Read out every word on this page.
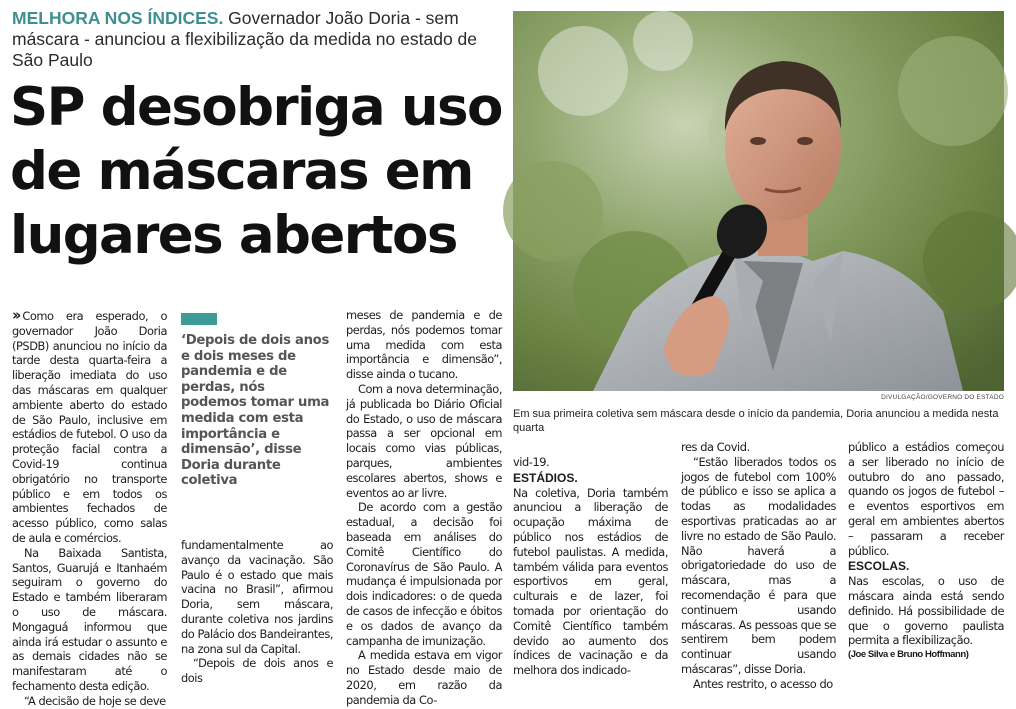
MELHORA NOS ÍNDICES. Governador João Doria - sem máscara - anunciou a flexibilização da medida no estado de São Paulo
SP desobriga uso de máscaras em lugares abertos
DIVULGAÇÃO/GOVERNO DO ESTADO
Em sua primeira coletiva sem máscara desde o início da pandemia, Doria anunciou a medida nesta quarta

›› Como era esperado, o governador João Doria (PSDB) anunciou no início da tarde desta quarta-feira a liberação imediata do uso das máscaras em qualquer ambiente aberto do estado de São Paulo, inclusive em estádios de futebol. O uso da proteção facial contra a Covid-19 continua obrigatório no transporte público e em todos os ambientes fechados de acesso público, como salas de aula e comércios.

Na Baixada Santista, Santos, Guarujá e Itanhaém seguiram o governo do Estado e também liberaram o uso de máscara. Mongaguá informou que ainda irá estudar o assunto e as demais cidades não se manifestaram até o fechamento desta edição.

“A decisão de hoje se deve

‘Depois de dois anos e dois meses de pandemia e de perdas, nós podemos tomar uma medida com esta importância e dimensão’, disse Doria durante coletiva

fundamentalmente ao avanço da vacinação. São Paulo é o estado que mais vacina no Brasil”, afirmou Doria, sem máscara, durante coletiva nos jardins do Palácio dos Bandeirantes, na zona sul da Capital.

“Depois de dois anos e dois

meses de pandemia e de perdas, nós podemos tomar uma medida com esta importância e dimensão”, disse ainda o tucano.

Com a nova determinação, já publicada bo Diário Oficial do Estado, o uso de máscara passa a ser opcional em locais como vias públicas, parques, ambientes escolares abertos, shows e eventos ao ar livre.

De acordo com a gestão estadual, a decisão foi baseada em análises do Comitê Científico do Coronavírus de São Paulo. A mudança é impulsionada por dois indicadores: o de queda de casos de infecção e óbitos e os dados de avanço da campanha de imunização.

A medida estava em vigor no Estado desde maio de 2020, em razão da pandemia da Co-

vid-19.

ESTÁDIOS.

Na coletiva, Doria também anunciou a liberação de ocupação máxima de público nos estádios de futebol paulistas. A medida, também válida para eventos esportivos em geral, culturais e de lazer, foi tomada por orientação do Comitê Científico também devido ao aumento dos índices de vacinação e da melhora dos indicado-

res da Covid.

“Estão liberados todos os jogos de futebol com 100% de público e isso se aplica a todas as modalidades esportivas praticadas ao ar livre no estado de São Paulo. Não haverá a obrigatoriedade do uso de máscara, mas a recomendação é para que continuem usando máscaras. As pessoas que se sentirem bem podem continuar usando máscaras”, disse Doria.

Antes restrito, o acesso do

público a estádios começou a ser liberado no início de outubro do ano passado, quando os jogos de futebol – e eventos esportivos em geral em ambientes abertos – passaram a receber público.

ESCOLAS.

Nas escolas, o uso de máscara ainda está sendo definido. Há possibilidade de que o governo paulista permita a flexibilização.

(Joe Silva e Bruno Hoffmann)
